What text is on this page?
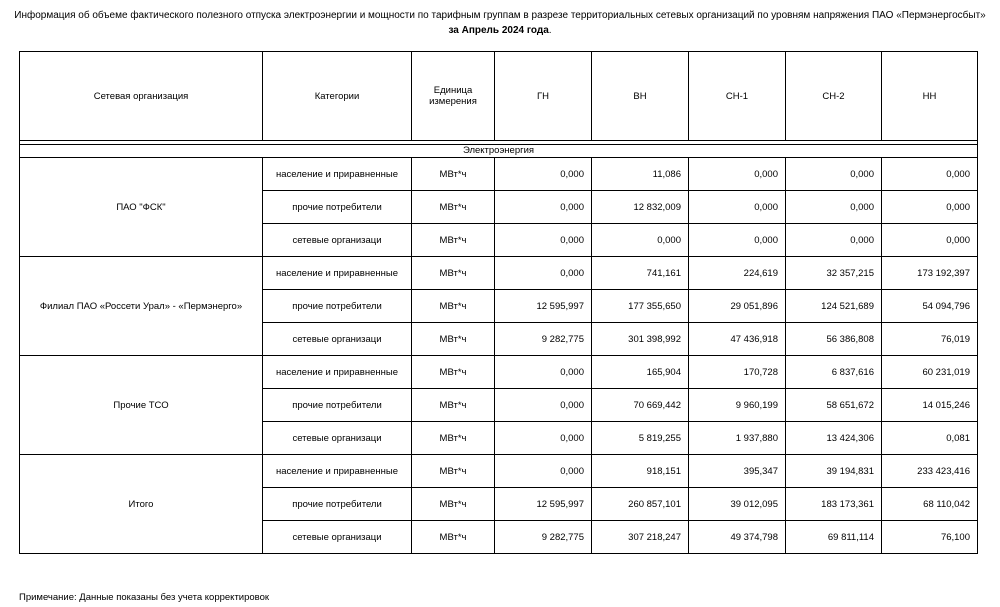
Информация об объеме фактического полезного отпуска электроэнергии и мощности по тарифным группам в разрезе территориальных сетевых организаций по уровням напряжения ПАО «Пермэнергосбыт»
за Апрель 2024 года.
Сетевая организация	Категории	Единица измерения	ГН	ВН	СН-1	СН-2	НН

Электроэнергия							
ПАО "ФСК"	население и приравненные	МВт*ч	0,000	11,086	0,000	0,000	0,000
	прочие потребители	МВт*ч	0,000	12 832,009	0,000	0,000	0,000
	сетевые организаци	МВт*ч	0,000	0,000	0,000	0,000	0,000
Филиал ПАО «Россети Урал» - «Пермэнерго»	население и приравненные	МВт*ч	0,000	741,161	224,619	32 357,215	173 192,397
	прочие потребители	МВт*ч	12 595,997	177 355,650	29 051,896	124 521,689	54 094,796
	сетевые организаци	МВт*ч	9 282,775	301 398,992	47 436,918	56 386,808	76,019
Прочие ТСО	население и приравненные	МВт*ч	0,000	165,904	170,728	6 837,616	60 231,019
	прочие потребители	МВт*ч	0,000	70 669,442	9 960,199	58 651,672	14 015,246
	сетевые организаци	МВт*ч	0,000	5 819,255	1 937,880	13 424,306	0,081
Итого	население и приравненные	МВт*ч	0,000	918,151	395,347	39 194,831	233 423,416
	прочие потребители	МВт*ч	12 595,997	260 857,101	39 012,095	183 173,361	68 110,042
	сетевые организаци	МВт*ч	9 282,775	307 218,247	49 374,798	69 811,114	76,100
Примечание: Данные показаны без учета корректировок
